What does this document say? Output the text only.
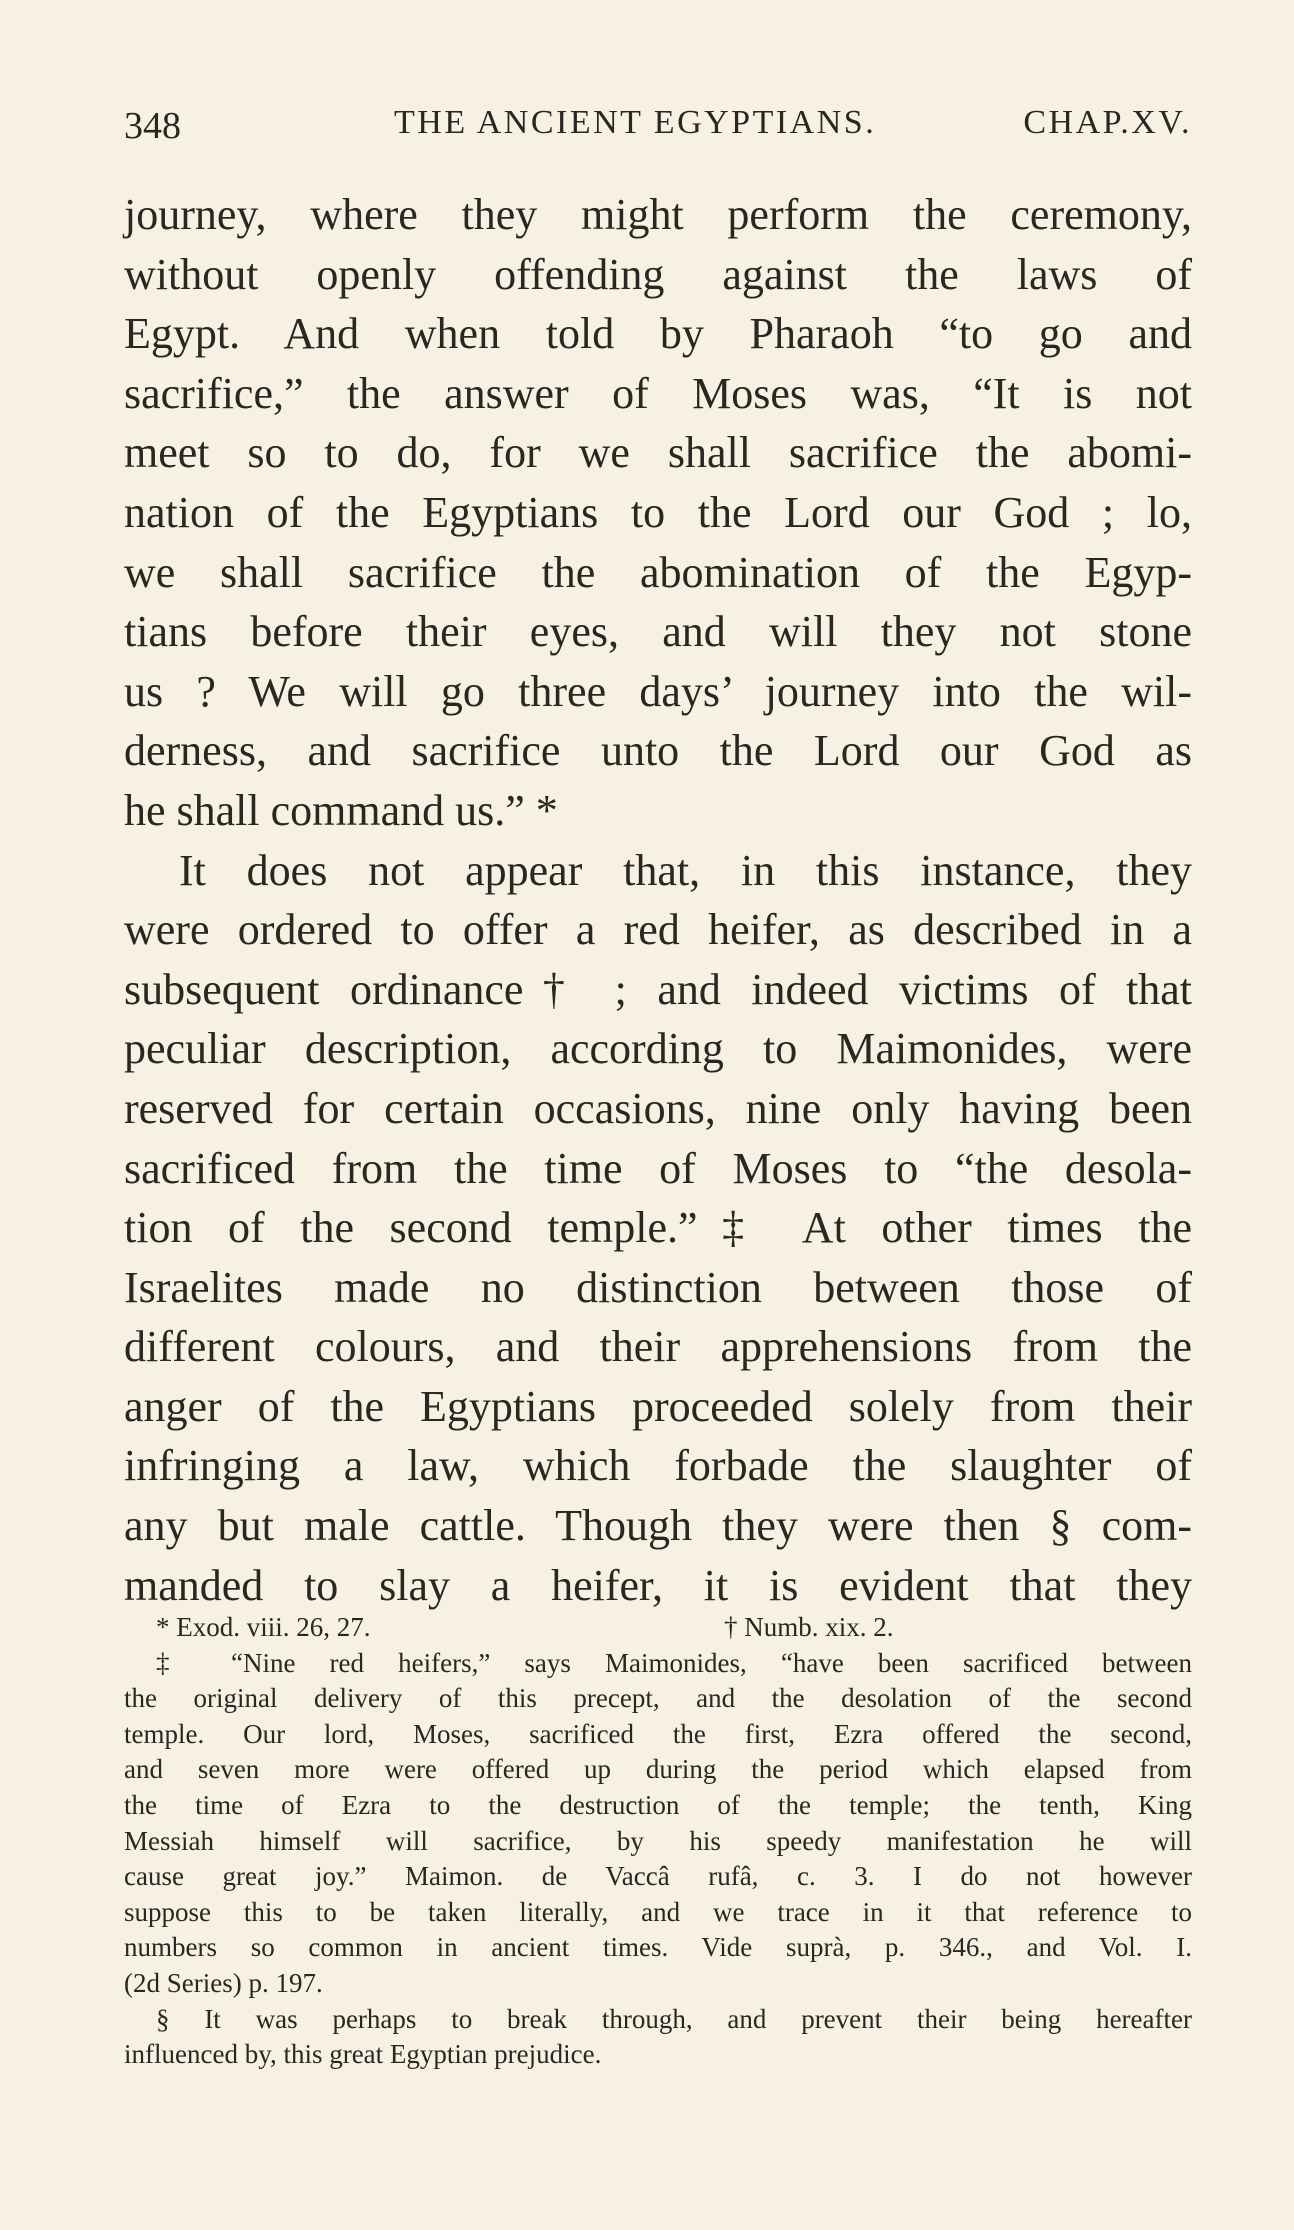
348	THE ANCIENT EGYPTIANS.	CHAP.XV.
journey, where they might perform the ceremony,
without openly offending against the laws of
Egypt. And when told by Pharaoh “to go and
sacrifice,” the answer of Moses was, “It is not
meet so to do, for we shall sacrifice the abomi-
nation of the Egyptians to the Lord our God ; lo,
we shall sacrifice the abomination of the Egyp-
tians before their eyes, and will they not stone
us ? We will go three days’ journey into the wil-
derness, and sacrifice unto the Lord our God as
he shall command us.” *
It does not appear that, in this instance, they
were ordered to offer a red heifer, as described in a
subsequent ordinance† ; and indeed victims of that
peculiar description, according to Maimonides, were
reserved for certain occasions, nine only having been
sacrificed from the time of Moses to “the desola-
tion of the second temple.”‡ At other times the
Israelites made no distinction between those of
different colours, and their apprehensions from the
anger of the Egyptians proceeded solely from their
infringing a law, which forbade the slaughter of
any but male cattle. Though they were then § com-
manded to slay a heifer, it is evident that they
* Exod. viii. 26, 27.	† Numb. xix. 2.
‡ “Nine red heifers,” says Maimonides, “have been sacrificed between
the original delivery of this precept, and the desolation of the second
temple. Our lord, Moses, sacrificed the first, Ezra offered the second,
and seven more were offered up during the period which elapsed from
the time of Ezra to the destruction of the temple; the tenth, King
Messiah himself will sacrifice, by his speedy manifestation he will
cause great joy.” Maimon. de Vaccâ rufâ, c. 3. I do not however
suppose this to be taken literally, and we trace in it that reference to
numbers so common in ancient times. Vide suprà, p. 346., and Vol. I.
(2d Series) p. 197.
§ It was perhaps to break through, and prevent their being hereafter
influenced by, this great Egyptian prejudice.
